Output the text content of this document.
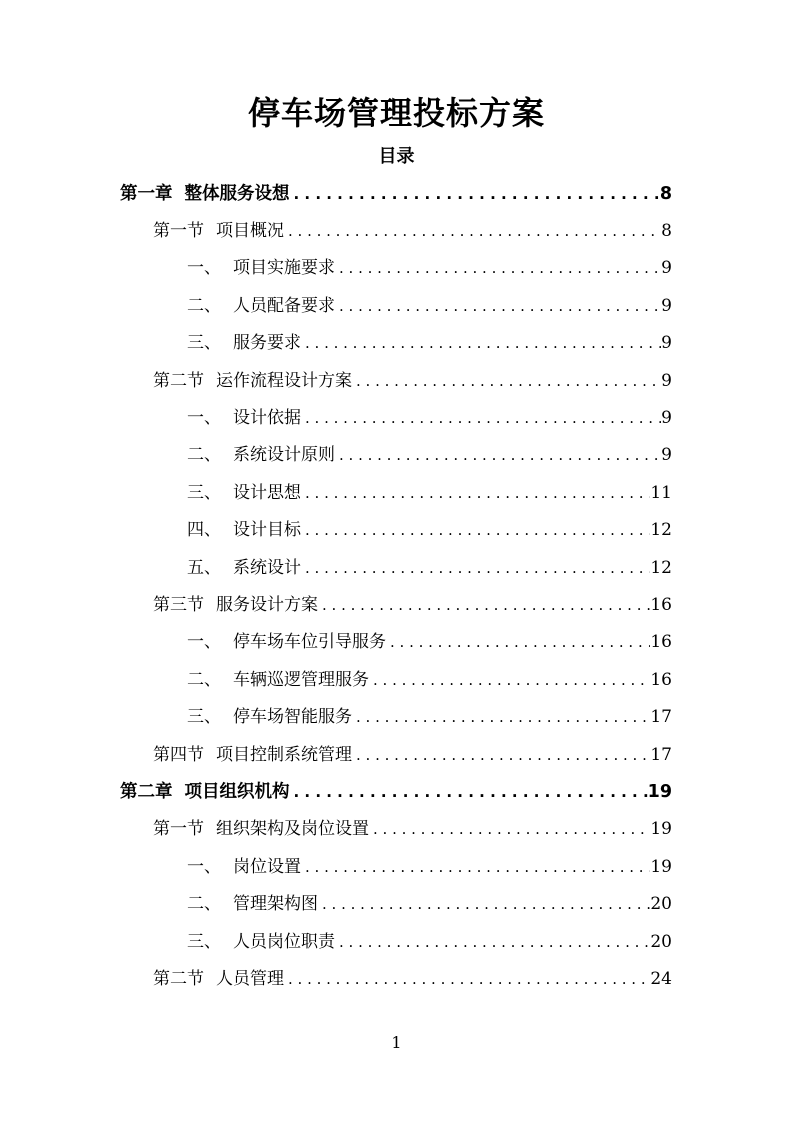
停车场管理投标方案
目录
第一章 整体服务设想 . . .	8
第一节 项目概况 . . .	8
一、 项目实施要求 . . .	9
二、 人员配备要求 . . .	9
三、 服务要求 . . .	9
第二节 运作流程设计方案 . . .	9
一、 设计依据 . . .	9
二、 系统设计原则 . . .	9
三、 设计思想 . . .	11
四、 设计目标 . . .	12
五、 系统设计 . . .	12
第三节 服务设计方案 . . .	16
一、 停车场车位引导服务 . . .	16
二、 车辆巡逻管理服务 . . .	16
三、 停车场智能服务 . . .	17
第四节 项目控制系统管理 . . .	17
第二章 项目组织机构 . . .	19
第一节 组织架构及岗位设置 . . .	19
一、 岗位设置 . . .	19
二、 管理架构图 . . .	20
三、 人员岗位职责 . . .	20
第二节 人员管理 . . .	24
1
